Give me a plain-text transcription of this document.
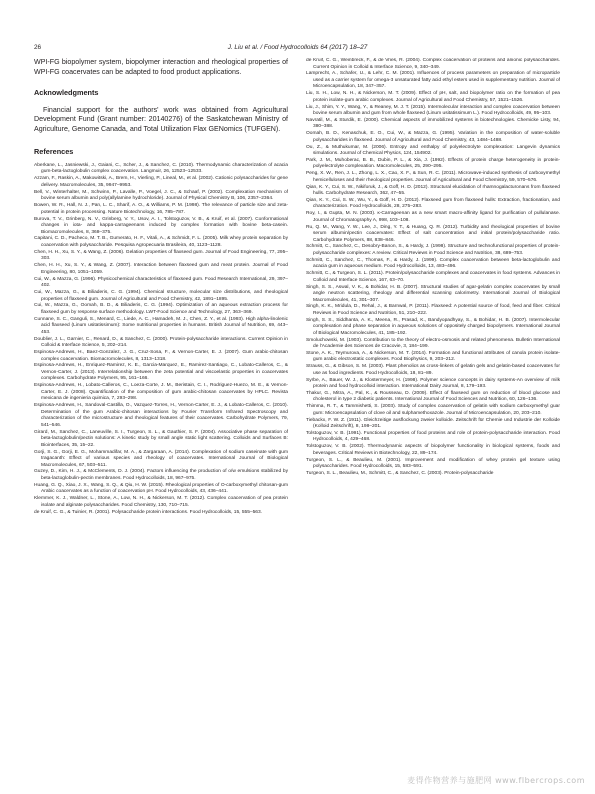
26	J. Liu et al. / Food Hydrocolloids 64 (2017) 18–27

WPI-FG biopolymer system, biopolymer interaction and rheological properties of WPI-FG coacervates can be adapted to food product applications.

Acknowledgments

Financial support for the authors' work was obtained from Agricultural Development Fund (Grant number: 20140276) of the Saskatchewan Ministry of Agriculture, Genome Canada, and Total Utilization Flax GENomics (TUFGEN).

References

Aberkane, L., Jasniewski, J., Gaiani, C., Scher, J., & Sanchez, C. (2010). Thermodynamic characterization of acacia gum-beta-lactoglobulin complex coacervation. Langmuir, 26, 12523–12533.

Azzam, F., Raskin, A., Makowitski, A., Brem, H., Vierling, P., Lineal, M., et al. (2002). Cationic polysaccharides for gene delivery. Macromolecules, 35, 9947–9953.

Bell, V., Winterhalter, M., Schwinn, P., Lavalle, P., Voegel, J. C., & Schaaf, P. (2002). Complexation mechanism of bovine serum albumin and poly(allylamine hydrochloride). Journal of Physical Chemistry B, 106, 2357–2364.

Bowen, W. R., Hall, N. J., Pan, L. C., Sharif, A. O., & Williams, P. M. (1998). The relevance of particle size and zeta-potential in protein processing. Nature Biotechnology, 16, 785–787.

Burova, T. V., Grinberg, N. V., Grinberg, V. Y., Usov, A. I., Tolstoguzov, V. B., & Kruif, et al. (2007). Conformational changes in iota- and kappa-carrageenans induced by complex formation with bovine beta-casein. Biomacromolecules, 8, 368–375.

Capitani, C. D., Pacheco, M. T. B., Gumerato, H. F., Vitali, A., & Schmidt, F. L. (2005). Milk whey protein separation by coacervation with polysaccharide. Pesquisa Agropecuaria Brasileira, 40, 1123–1128.

Chen, H. H., Xu, S. Y., & Wang, Z. (2006). Gelation properties of flaxseed gum. Journal of Food Engineering, 77, 295–303.

Chen, H. H., Xu, S. Y., & Wang, Z. (2007). Interaction between flaxseed gum and meat protein. Journal of Food Engineering, 80, 1051–1059.

Cui, W., & Mazza, G. (1996). Physicochemical characteristics of flaxseed gum. Food Research International, 29, 397–402.

Cui, W., Mazza, G., & Biliaderis, C. G. (1994). Chemical structure, molecular size distributions, and rheological properties of flaxseed gum. Journal of Agricultural and Food Chemistry, 42, 1891–1895.

Cui, W., Mazza, G., Oomah, B. D., & Biliaderis, C. G. (1994). Optimization of an aqueous extraction process for flaxseed gum by response surface methodology. LWT-Food Science and Technology, 27, 363–369.

Cunnane, S. C., Ganguli, S., Menard, C., Liede, A. C., Hamadeh, M. J., Chen, Z. Y., et al. (1993). High alpha-linolenic acid flaxseed (Linum usitatissimum): Some nutritional properties in humans. British Journal of Nutrition, 69, 443–453.

Doublier, J. L., Garnier, C., Renard, D., & Sanchez, C. (2000). Protein-polysaccharide interactions. Current Opinion in Colloid & Interface Science, 5, 202–214.

Espinosa-Andrews, H., Baez-Gonzalez, J. G., Cruz-Sosa, F., & Vernon-Carter, E. J. (2007). Gum arabic-chitosan complex coacervation. Biomacromolecules, 8, 1313–1318.

Espinosa-Andrews, H., Enriquez-Ramirez, K. E., Garcia-Marquez, E., Ramirez-Santiago, C., Lobato-Calleros, C., & Vernon-Carter, J. (2013). Interrelationship between the zeta potential and viscoelastic properties in coacervates complexes. Carbohydrate Polymers, 95, 161–166.

Espinosa-Andrews, H., Lobato-Calleros, C., Loeza-Corte, J. M., Beristain, C. I., Rodriguez-Huezo, M. E., & Vernon-Carter, E. J. (2008). Quantification of the composition of gum arabic-chitosan coacervates by HPLC. Revista mexicana de ingenieria quimica, 7, 293–298.

Espinosa-Andrews, H., Sandoval-Castilla, O., Vazquez-Torres, H., Vernon-Carter, E. J., & Lobato-Calleros, C. (2010). Determination of the gum Arabic-chitosan interactions by Fourier Transform Infrared Spectroscopy and characterization of the microstructure and rheological features of their coacervates. Carbohydrate Polymers, 79, 541–546.

Girard, M., Sanchez, C., Laneuville, S. I., Turgeon, S. L., & Gauthier, S. F. (2004). Associative phase separation of beta-lactoglobulin/pectin solutions: A kinetic study by small angle static light scattering. Colloids and Surfaces B: Biointerfaces, 35, 15–22.

Gorji, S. G., Gorji, E. G., Mohammadifar, M. A., & Zargaraan, A. (2014). Complexation of sodium caseinate with gum tragacanth: Effect of various species and rheology of coacervates. International Journal of Biological Macromolecules, 67, 503–511.

Guzey, D., Kim, H. J., & McClements, D. J. (2004). Factors influencing the production of o/w emulsions stabilized by beta-lactoglobulin-pectin membranes. Food Hydrocolloids, 18, 967–975.

Huang, G. Q., Xiao, J. X., Wang, S. Q., & Qiu, H. W. (2015). Rheological properties of O-carboxymethyl chitosan-gum Arabic coacervates as a function of coacervation pH. Food Hydrocolloids, 43, 436–441.

Klemmer, K. J., Waldner, L., Stone, A., Low, N. H., & Nickerson, M. T. (2012). Complex coacervation of pea protein isolate and alginate polysaccharides. Food Chemistry, 130, 710–715.

de Kruif, C. G., & Tuinier, R. (2001). Polysaccharide protein interactions. Food Hydrocolloids, 15, 555–563.

de Kruif, C. G., Weinbreck, F., & de Vries, R. (2004). Complex coacervation of proteins and anionic polysaccharides. Current Opinion in Colloid & Interface Science, 9, 340–349.

Lamprecht, A., Schafer, U., & Lehr, C. M. (2001). Influences of process parameters on preparation of microparticle used as a carrier system for omega-3 unsaturated fatty acid ethyl esters used in supplementary nutrition. Journal of Microencapsulation, 18, 347–357.

Liu, S. H., Low, N. H., & Nickerson, M. T. (2009). Effect of pH, salt, and biopolymer ratio on the formation of pea protein isolate-gum arabic complexes. Journal of Agricultural and Food Chemistry, 57, 1521–1526.

Liu, J., Shim, Y. Y., Wang, Y., & Reaney, M. J. T. (2015). Intermolecular interaction and complex coacervation between bovine serum albumin and gum from whole flaxseed (Linum usitatissimum L.). Food Hydrocolloids, 49, 95–103.

Navratil, M., & Sturdik, E. (2000). Chemical aspects of immobilized systems in biotechnologies. Chemicke Listy, 94, 380–388.

Oomah, B. D., Kenaschuk, E. O., Cui, W., & Mazza, G. (1995). Variation in the composition of water-soluble polysaccharides in flaxseed. Journal of Agricultural and Food Chemistry, 43, 1484–1488.

Ou, Z., & Muthukumar, M. (2006). Entropy and enthalpy of polyelectrolyte complexation: Langevin dynamics simulations. Journal of Chemical Physics, 124, 154902.

Park, J. M., Muhoberac, B. B., Dubin, P. L., & Xia, J. (1992). Effects of protein charge heterogeneity in protein-polyelectrolyte complexation. Macromolecules, 25, 290–295.

Peng, X. W., Ren, J. L., Zhong, L. X., Cao, X. F., & Sun, R. C. (2011). Microwave-induced synthesis of carboxymethyl hemicelluloses and their rheological properties. Journal of Agricultural and Food Chemistry, 59, 570–576.

Qian, K. Y., Cui, S. W., Nikiforuk, J., & Goff, H. D. (2012). Structural elucidation of rhamnogalacturonans from flaxseed hulls. Carbohydrate Research, 362, 47–55.

Qian, K. Y., Cui, S. W., Wu, Y., & Goff, H. D. (2012). Flaxseed gum from flaxseed hulls: Extraction, fractionation, and characterization. Food Hydrocolloids, 28, 275–283.

Roy, I., & Gupta, M. N. (2003). κ-Carrageenan as a new smart macro-affinity ligand for purification of pullulanase. Journal of Chromatography A, 998, 103–108.

Ru, Q. M., Wang, Y. W., Lee, J., Ding, Y. T., & Huang, Q. R. (2012). Turbidity and rheological properties of bovine serum albumin/pectin coacervates: Effect of salt concentration and initial protein/polysaccharide ratio. Carbohydrate Polymers, 88, 838–846.

Schmitt, C., Sanchez, C., Desobry-Banon, S., & Hardy, J. (1998). Structure and technofunctional properties of protein-polysaccharide complexes: A review. Critical Reviews in Food Science and Nutrition, 38, 689–753.

Schmitt, C., Sanchez, C., Thomas, F., & Hardy, J. (1999). Complex coacervation between beta-lactoglobulin and acacia gum in aqueous medium. Food Hydrocolloids, 13, 483–496.

Schmitt, C., & Turgeon, S. L. (2011). Protein/polysaccharide complexes and coacervates in food systems. Advances in Colloid and Interface Science, 167, 63–70.

Singh, S. S., Aswal, V. K., & Bohidar, H. B. (2007). Structural studies of agar-gelatin complex coacervates by small angle neutron scattering, rheology and differential scanning calorimetry. International Journal of Biological Macromolecules, 41, 301–307.

Singh, K. K., Mridula, D., Rehal, J., & Barnwal, P. (2011). Flaxseed: A potential source of food, feed and fiber. Critical Reviews in Food Science and Nutrition, 51, 210–222.

Singh, S. S., Siddhanta, A. K., Meena, R., Prasad, K., Bandyopadhyay, S., & Bohidar, H. B. (2007). Intermolecular complexation and phase separation in aqueous solutions of oppositely charged biopolymers. International Journal of Biological Macromolecules, 41, 185–192.

Smoluchowski, M. (1903). Contribution to the theory of electro-osmosis and related phenomena. Bulletin International de l'Academie des Sciences de Cracovie, 3, 184–199.

Stone, A. K., Teymurova, A., & Nickerson, M. T. (2014). Formation and functional attributes of canola protein isolate-gum arabic electrostatic complexes. Food Biophysics, 9, 203–212.

Strauss, G., & Gibson, S. M. (2003). Plant phenolics as cross-linkers of gelatin gels and gelatin-based coacervates for use as food ingredients. Food Hydrocolloids, 18, 81–89.

Syrbe, A., Bauer, W. J., & Klostermeyer, H. (1998). Polymer science concepts in dairy systems-An overview of milk protein and food hydrocolloid interaction. International Dairy Journal, 8, 179–193.

Thakur, G., Mitra, A., Pal, K., & Rousseau, D. (2009). Effect of flaxseed gum on reduction of blood glucose and cholesterol in type 2 diabetic patients. International Journal of Food Sciences and Nutrition, 60, 126–136.

Thimma, R. T., & Tammishetti, S. (2003). Study of complex coacervation of gelatin with sodium carboxymethyl guar gum: Microencapsulation of clove oil and sulphamethoxazole. Journal of Microencapsulation, 20, 203–210.

Tiebackx, F. W. Z. (1911). Gleichzeitige ausflockung zweier kolloide. Zeitschrift für Chemie und Industrie der Kolloide (Kolloid Zeitschrift), 8, 198–201.

Tolstoguzov, V. B. (1991). Functional properties of food proteins and role of protein-polysaccharide interaction. Food Hydrocolloids, 4, 429–468.

Tolstoguzov, V. B. (2002). Thermodynamic aspects of biopolymer functionality in biological systems, foods and beverages. Critical Reviews in Biotechnology, 22, 89–174.

Turgeon, S. L., & Beaulieu, M. (2001). Improvement and modification of whey protein gel texture using polysaccharides. Food Hydrocolloids, 15, 583–591.

Turgeon, S. L., Beaulieu, M., Schmitt, C., & Sanchez, C. (2003). Protein-polysaccharide

麦得作物营养与施肥网 www.flbercrops.com
